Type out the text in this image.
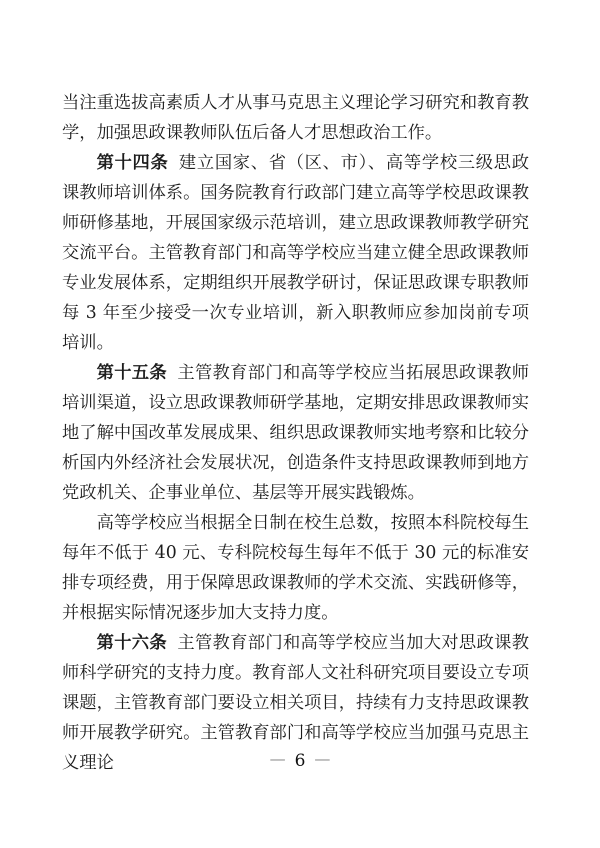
当注重选拔高素质人才从事马克思主义理论学习研究和教育教学，加强思政课教师队伍后备人才思想政治工作。

第十四条 建立国家、省（区、市）、高等学校三级思政课教师培训体系。国务院教育行政部门建立高等学校思政课教师研修基地，开展国家级示范培训，建立思政课教师教学研究交流平台。主管教育部门和高等学校应当建立健全思政课教师专业发展体系，定期组织开展教学研讨，保证思政课专职教师每 3 年至少接受一次专业培训，新入职教师应参加岗前专项培训。

第十五条 主管教育部门和高等学校应当拓展思政课教师培训渠道，设立思政课教师研学基地，定期安排思政课教师实地了解中国改革发展成果、组织思政课教师实地考察和比较分析国内外经济社会发展状况，创造条件支持思政课教师到地方党政机关、企事业单位、基层等开展实践锻炼。

高等学校应当根据全日制在校生总数，按照本科院校每生每年不低于 40 元、专科院校每生每年不低于 30 元的标准安排专项经费，用于保障思政课教师的学术交流、实践研修等，并根据实际情况逐步加大支持力度。

第十六条 主管教育部门和高等学校应当加大对思政课教师科学研究的支持力度。教育部人文社科研究项目要设立专项课题，主管教育部门要设立相关项目，持续有力支持思政课教师开展教学研究。主管教育部门和高等学校应当加强马克思主义理论	— 6 —
